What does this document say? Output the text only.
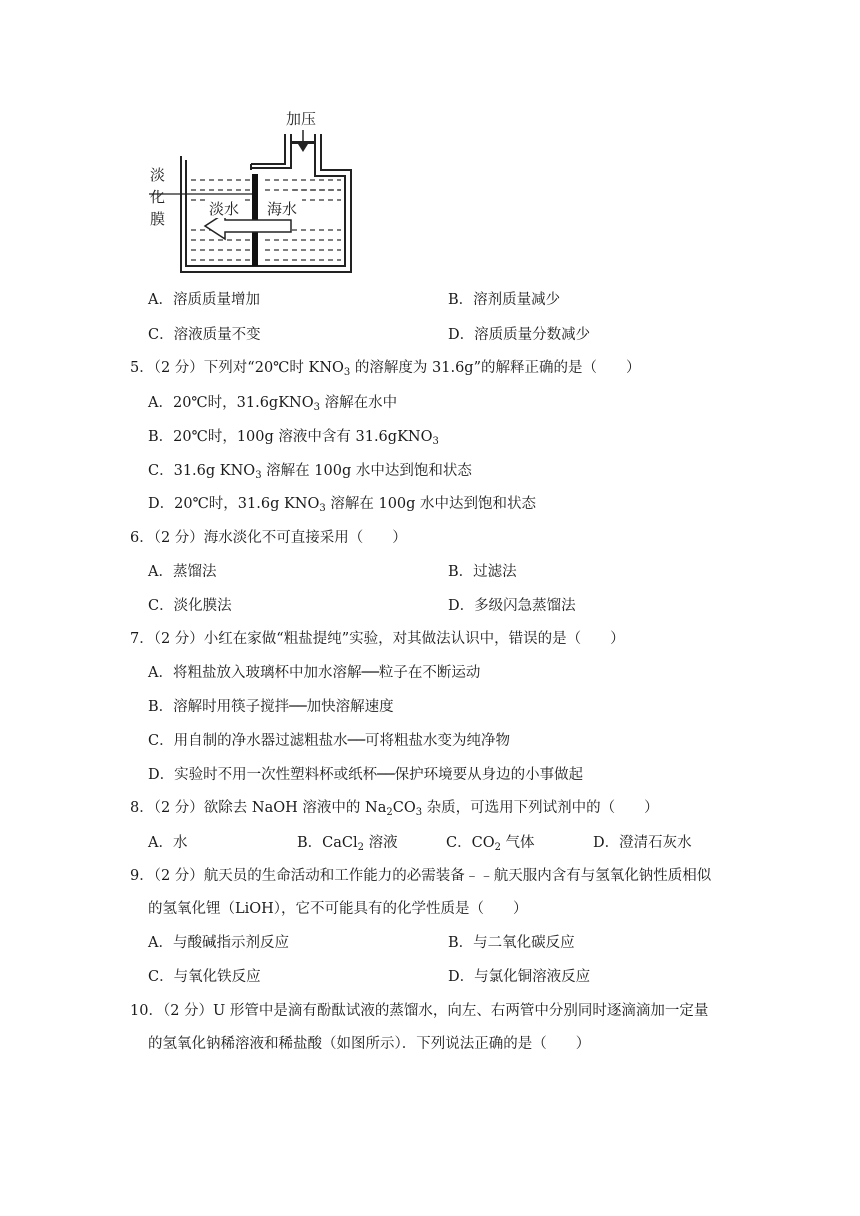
加压
淡
化
膜
淡水 海水
A．溶质质量增加	B．溶剂质量减少
C．溶液质量不变	D．溶质质量分数减少
5．（2 分）下列对“20℃时 $KNO_3$ 的溶解度为 31.6g”的解释正确的是（　　）
A．20℃时，31.6gKNO$_3$ 溶解在水中
B．20℃时，100g 溶液中含有 31.6gKNO$_3$
C．31.6g $KNO_3$ 溶解在 100g 水中达到饱和状态
D．20℃时，31.6g $KNO_3$ 溶解在 100g 水中达到饱和状态
6．（2 分）海水淡化不可直接采用（　　）
A．蒸馏法	B．过滤法
C．淡化膜法	D．多级闪急蒸馏法
7．（2 分）小红在家做“粗盐提纯”实验，对其做法认识中，错误的是（　　）
A．将粗盐放入玻璃杯中加水溶解──粒子在不断运动
B．溶解时用筷子搅拌──加快溶解速度
C．用自制的净水器过滤粗盐水──可将粗盐水变为纯净物
D．实验时不用一次性塑料杯或纸杯──保护环境要从身边的小事做起
8．（2 分）欲除去 NaOH 溶液中的 $Na_2CO_3$ 杂质，可选用下列试剂中的（　　）
A．水	B．CaCl$_2$ 溶液	C．$CO_2$ 气体	D．澄清石灰水
9．（2 分）航天员的生命活动和工作能力的必需装备﹣﹣航天服内含有与氢氧化钠性质相似
的氢氧化锂（LiOH），它不可能具有的化学性质是（　　）
A．与酸碱指示剂反应	B．与二氧化碳反应
C．与氧化铁反应	D．与氯化铜溶液反应
10．（2 分）U 形管中是滴有酚酞试液的蒸馏水，向左、右两管中分别同时逐滴滴加一定量
的氢氧化钠稀溶液和稀盐酸（如图所示）．下列说法正确的是（　　）
